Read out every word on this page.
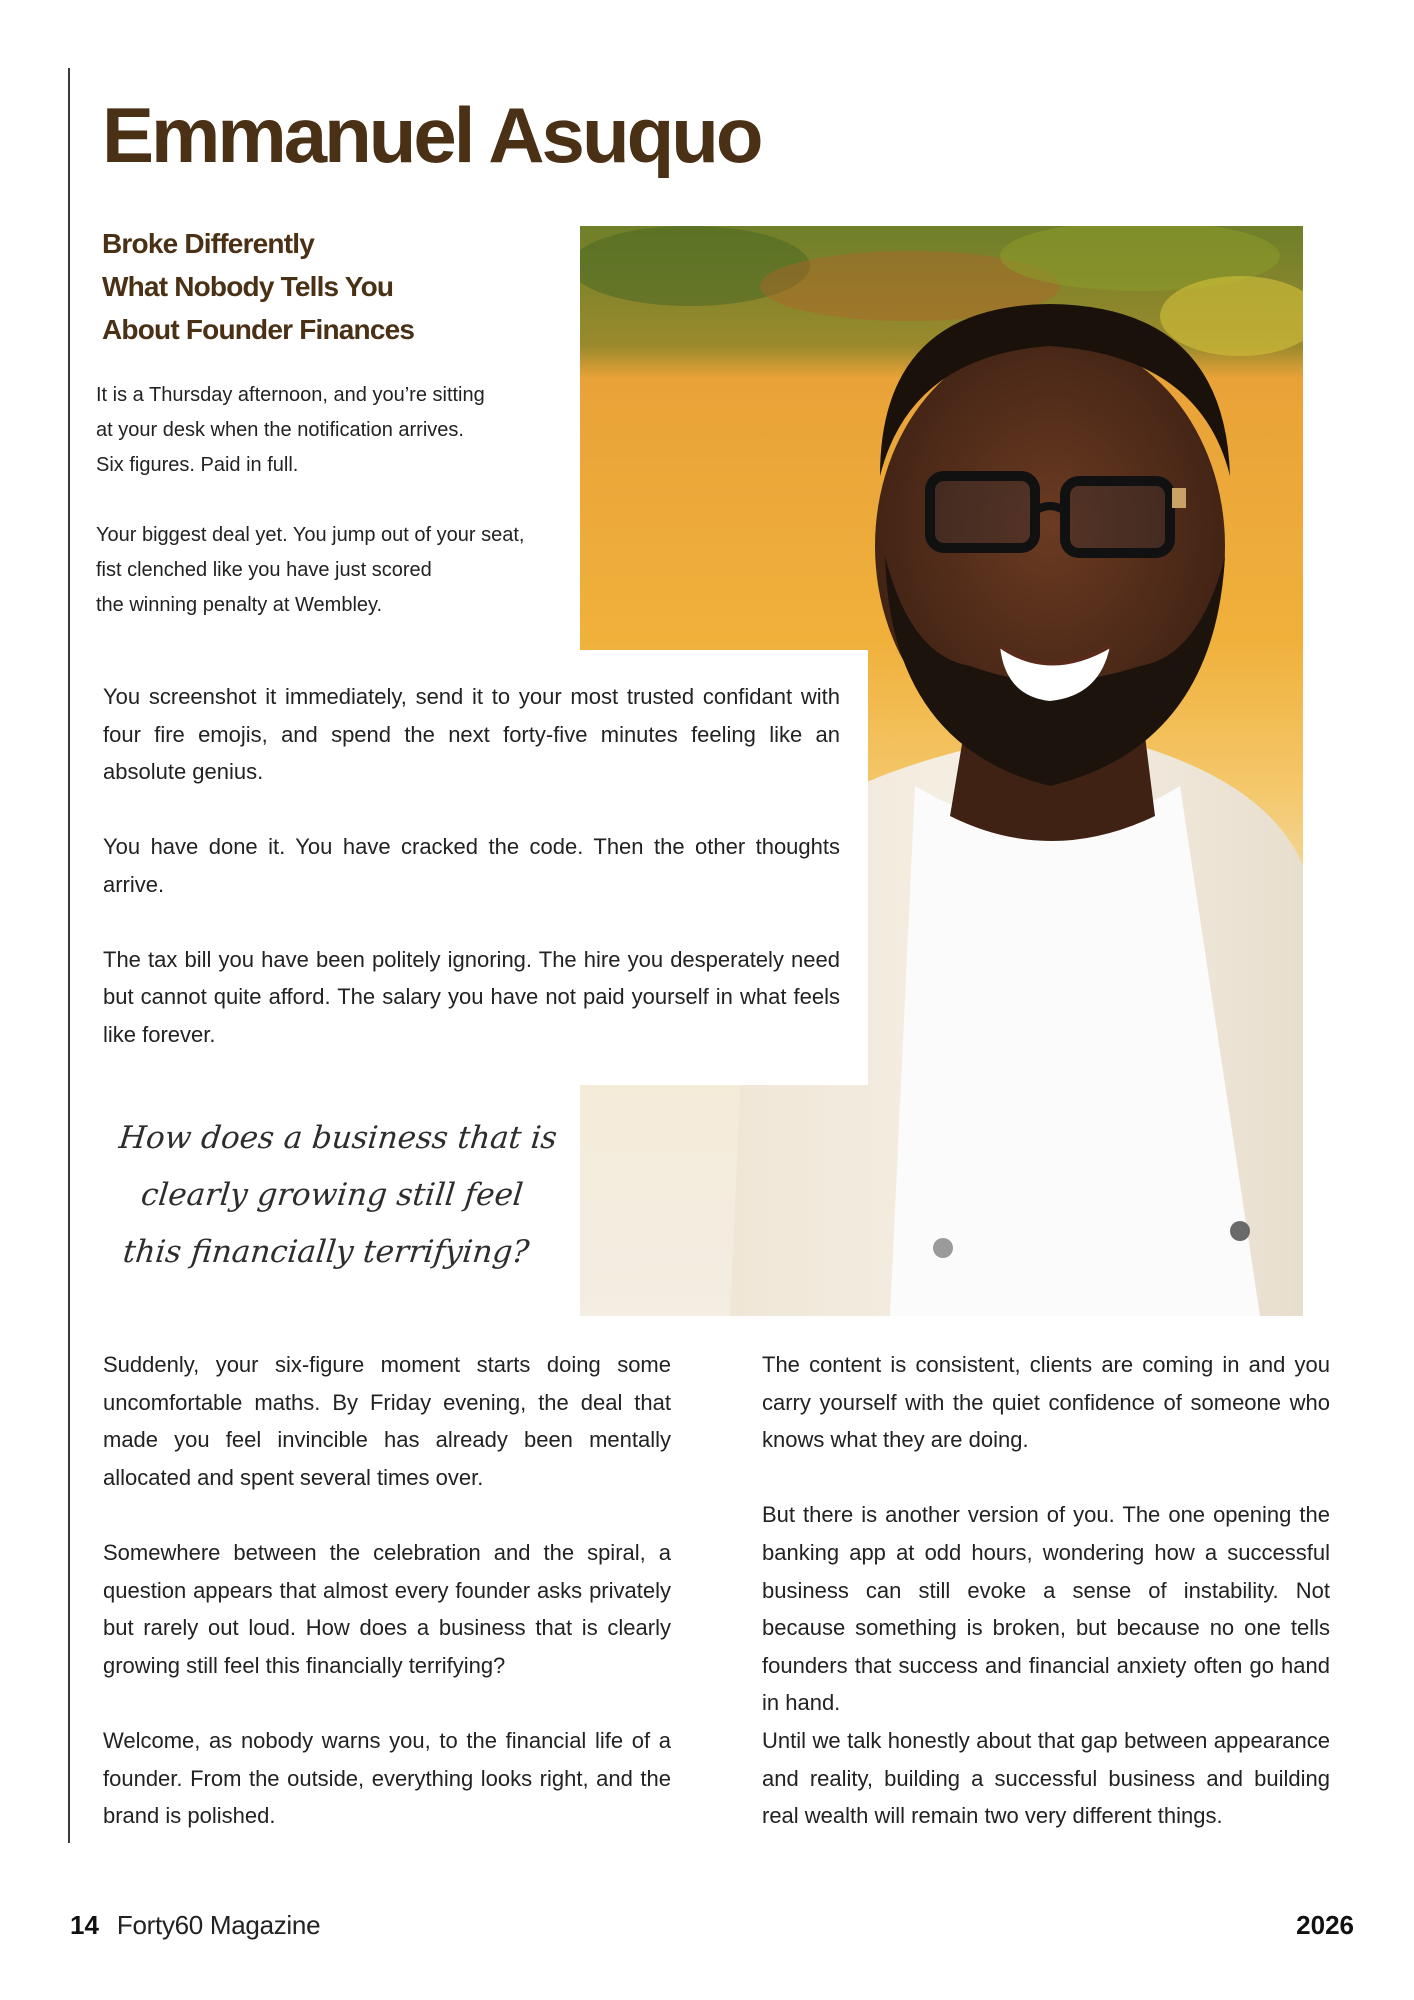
Emmanuel Asuquo
Broke Differently
What Nobody Tells You
About Founder Finances

It is a Thursday afternoon, and you’re sitting
at your desk when the notification arrives.
Six figures. Paid in full.

Your biggest deal yet. You jump out of your seat,
fist clenched like you have just scored
the winning penalty at Wembley.

You screenshot it immediately, send it to your most trusted confidant with four fire emojis, and spend the next forty-five minutes feeling like an absolute genius.

You have done it. You have cracked the code. Then the other thoughts arrive.

The tax bill you have been politely ignoring. The hire you desperately need but cannot quite afford. The salary you have not paid yourself in what feels like forever.

How does a business that is clearly growing still feel this financially terrifying?

Suddenly, your six-figure moment starts doing some uncomfortable maths. By Friday evening, the deal that made you feel invincible has already been mentally allocated and spent several times over.

Somewhere between the celebration and the spiral, a question appears that almost every founder asks privately but rarely out loud. How does a business that is clearly growing still feel this financially terrifying?

Welcome, as nobody warns you, to the financial life of a founder. From the outside, everything looks right, and the brand is polished.

The content is consistent, clients are coming in and you carry yourself with the quiet confidence of someone who knows what they are doing.

But there is another version of you. The one opening the banking app at odd hours, wondering how a successful business can still evoke a sense of instability. Not because something is broken, but because no one tells founders that success and financial anxiety often go hand in hand.

Until we talk honestly about that gap between appearance and reality, building a successful business and building real wealth will remain two very different things.

14 Forty60 Magazine	2026
